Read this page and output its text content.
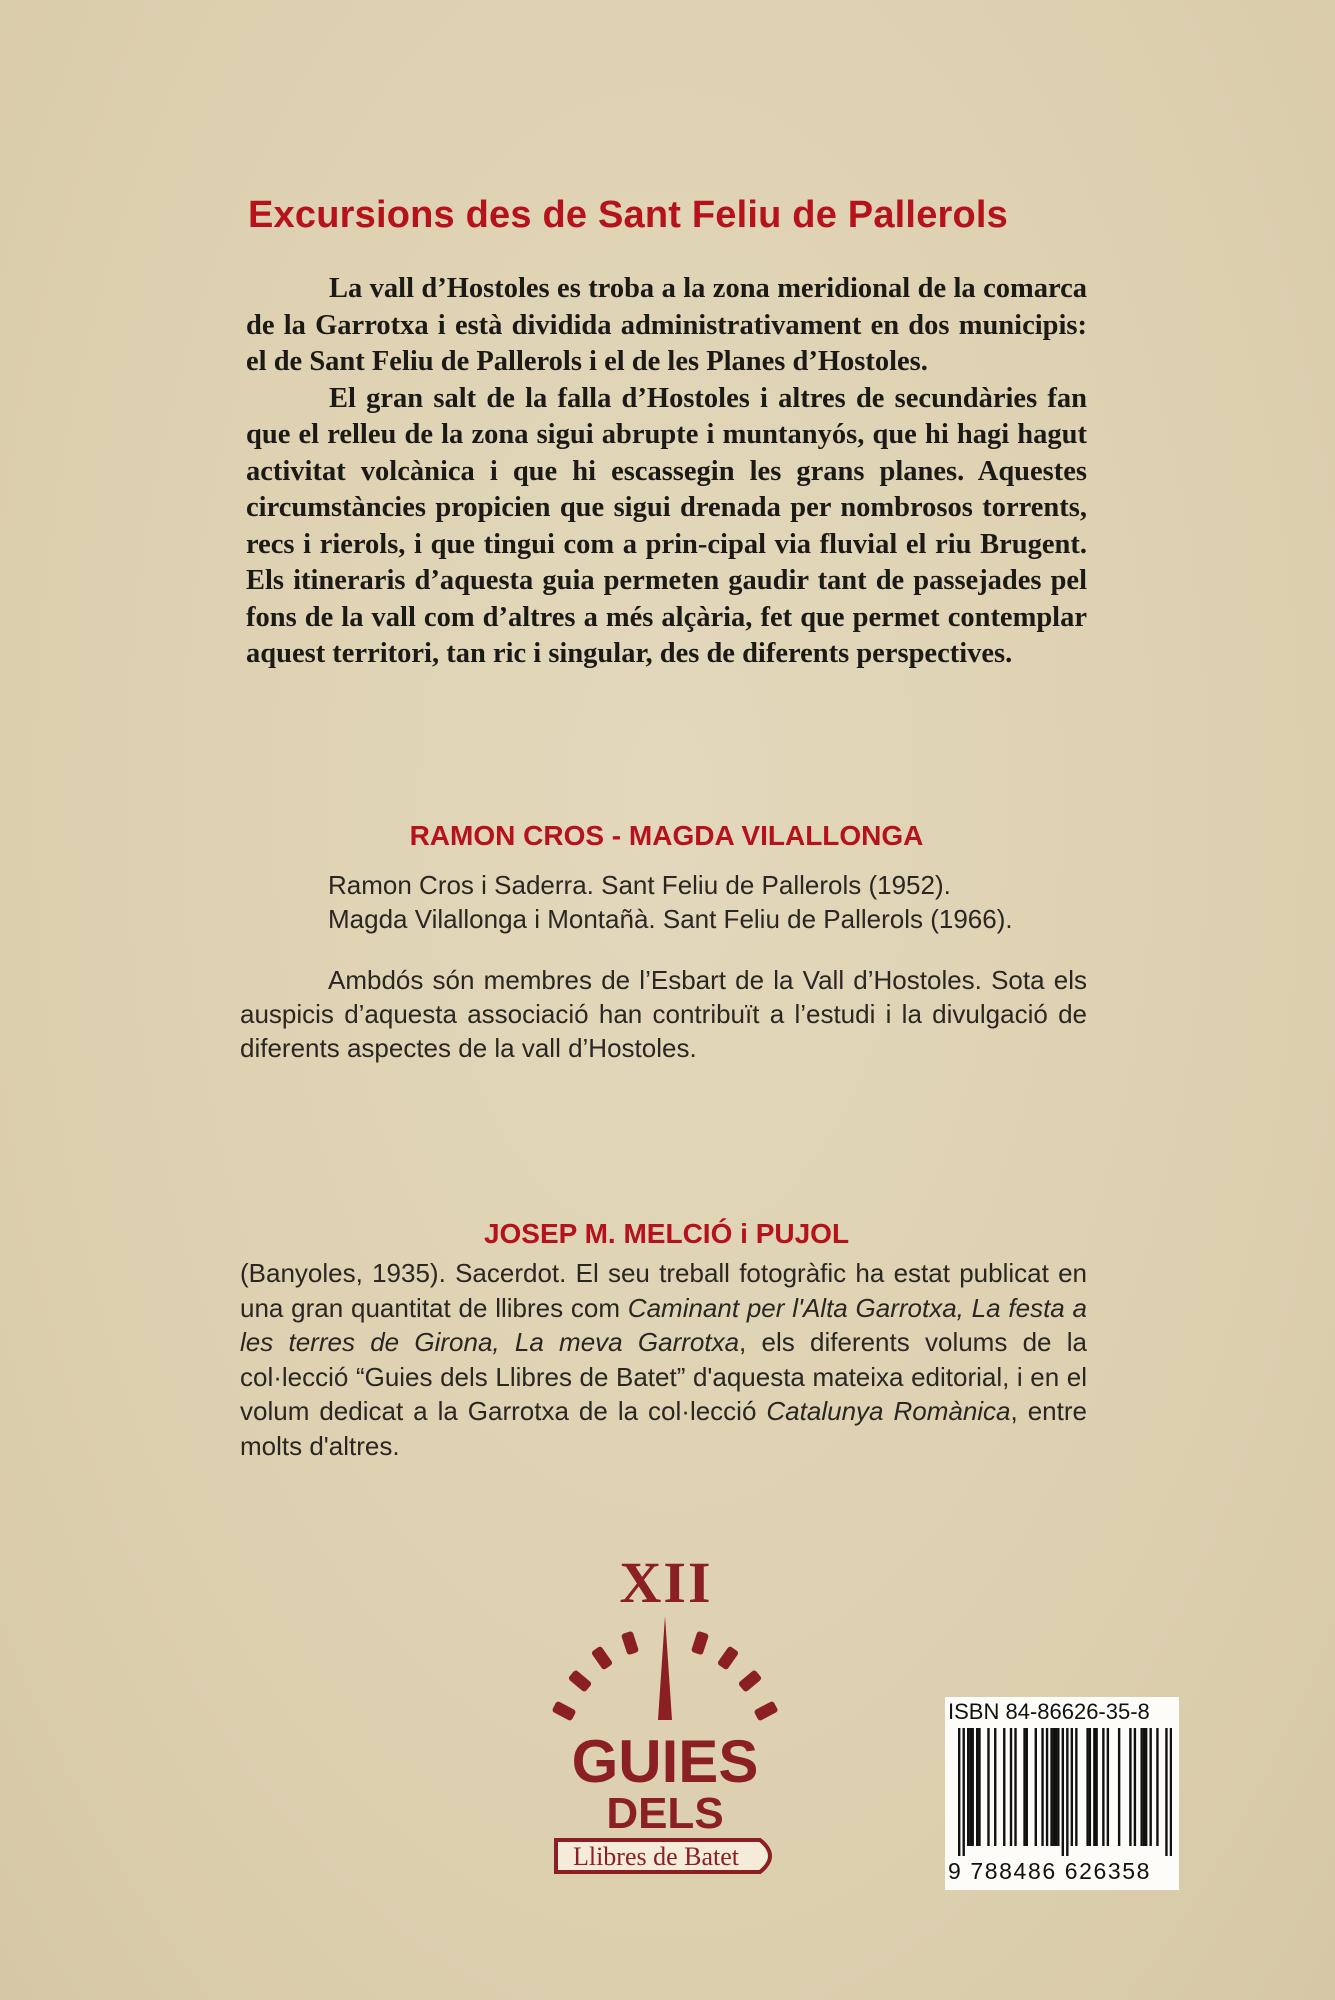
Excursions des de Sant Feliu de Pallerols

La vall d’Hostoles es troba a la zona meridional de la comarca de la Garrotxa i està dividida administrativament en dos municipis: el de Sant Feliu de Pallerols i el de les Planes d’Hostoles.

El gran salt de la falla d’Hostoles i altres de secundàries fan que el relleu de la zona sigui abrupte i muntanyós, que hi hagi hagut activitat volcànica i que hi escassegin les grans planes. Aquestes circumstàncies propicien que sigui drenada per nombrosos torrents, recs i rierols, i que tingui com a prin-cipal via fluvial el riu Brugent. Els itineraris d’aquesta guia permeten gaudir tant de passejades pel fons de la vall com d’altres a més alçària, fet que permet contemplar aquest territori, tan ric i singular, des de diferents perspectives.

RAMON CROS - MAGDA VILALLONGA
Ramon Cros i Saderra. Sant Feliu de Pallerols (1952).
Magda Vilallonga i Montañà. Sant Feliu de Pallerols (1966).

Ambdós són membres de l’Esbart de la Vall d’Hostoles. Sota els auspicis d’aquesta associació han contribuït a l’estudi i la divulgació de diferents aspectes de la vall d’Hostoles.

JOSEP M. MELCIÓ i PUJOL

(Banyoles, 1935). Sacerdot. El seu treball fotogràfic ha estat publicat en una gran quantitat de llibres com Caminant per l'Alta Garrotxa, La festa a les terres de Girona, La meva Garrotxa, els diferents volums de la col·lecció “Guies dels Llibres de Batet” d'aquesta mateixa editorial, i en el volum dedicat a la Garrotxa de la col·lecció Catalunya Romànica, entre molts d'altres.

XII
GUIES
DELS
Llibres de Batet
ISBN 84-86626-35-8
9 788486 626358
